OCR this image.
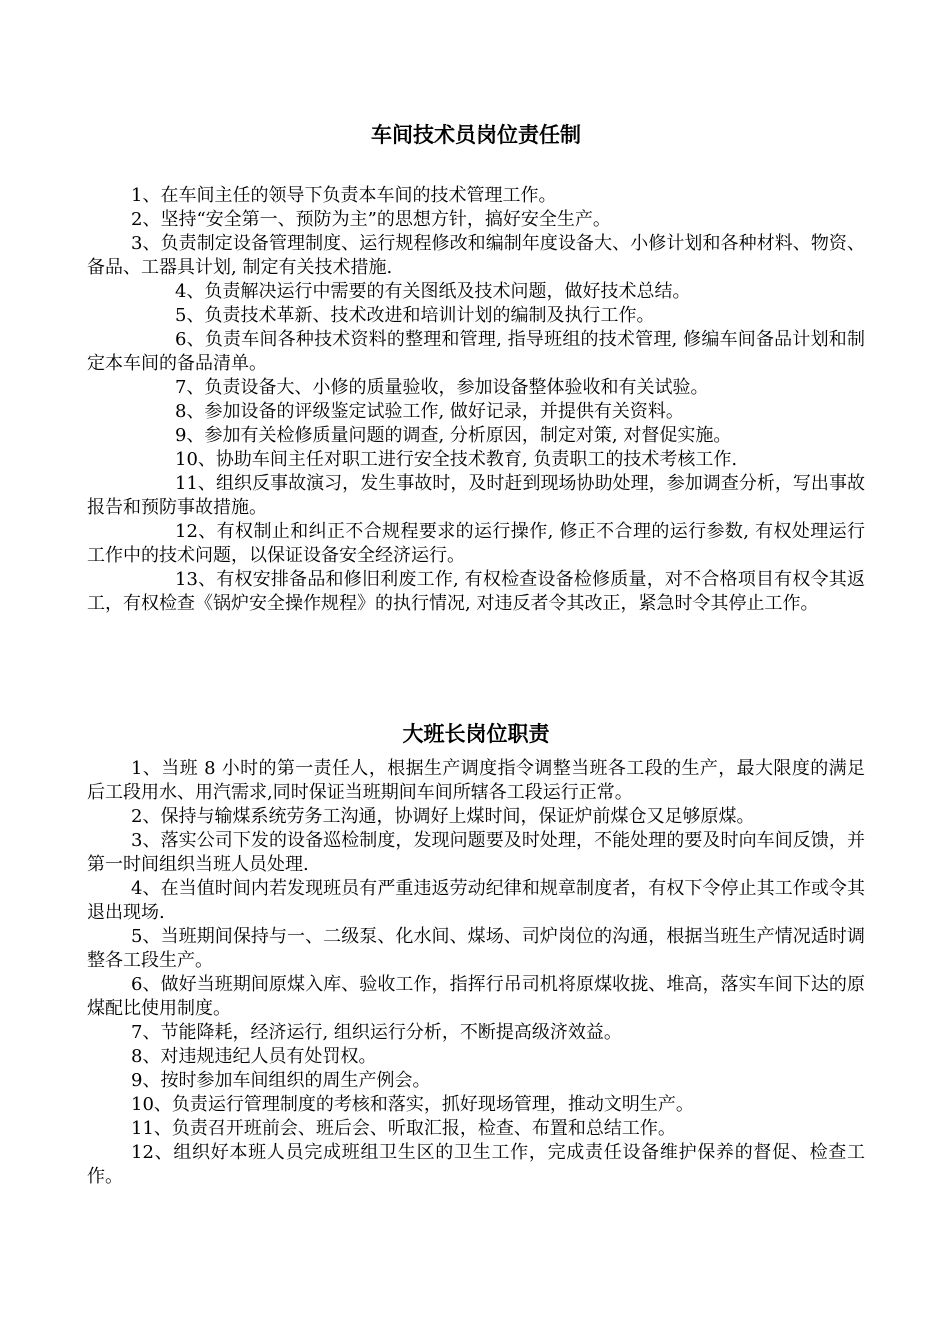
车间技术员岗位责任制

1、在车间主任的领导下负责本车间的技术管理工作。

2、坚持“安全第一、预防为主”的思想方针，搞好安全生产。

3、负责制定设备管理制度、运行规程修改和编制年度设备大、小修计划和各种材料、物资、备品、工器具计划, 制定有关技术措施.

4、负责解决运行中需要的有关图纸及技术问题，做好技术总结。

5、负责技术革新、技术改进和培训计划的编制及执行工作。

6、负责车间各种技术资料的整理和管理, 指导班组的技术管理, 修编车间备品计划和制定本车间的备品清单。

7、负责设备大、小修的质量验收，参加设备整体验收和有关试验。

8、参加设备的评级鉴定试验工作, 做好记录，并提供有关资料。

9、参加有关检修质量问题的调查, 分析原因，制定对策, 对督促实施。

10、协助车间主任对职工进行安全技术教育, 负责职工的技术考核工作.

11、组织反事故演习，发生事故时，及时赶到现场协助处理，参加调查分析，写出事故报告和预防事故措施。

12、有权制止和纠正不合规程要求的运行操作, 修正不合理的运行参数, 有权处理运行工作中的技术问题，以保证设备安全经济运行。

13、有权安排备品和修旧利废工作, 有权检查设备检修质量，对不合格项目有权令其返工，有权检查《锅炉安全操作规程》的执行情况, 对违反者令其改正，紧急时令其停止工作。

大班长岗位职责

1、当班 8 小时的第一责任人，根据生产调度指令调整当班各工段的生产，最大限度的满足后工段用水、用汽需求,同时保证当班期间车间所辖各工段运行正常。

2、保持与输煤系统劳务工沟通，协调好上煤时间，保证炉前煤仓又足够原煤。

3、落实公司下发的设备巡检制度，发现问题要及时处理，不能处理的要及时向车间反馈，并第一时间组织当班人员处理.

4、在当值时间内若发现班员有严重违返劳动纪律和规章制度者，有权下令停止其工作或令其退出现场.

5、当班期间保持与一、二级泵、化水间、煤场、司炉岗位的沟通，根据当班生产情况适时调整各工段生产。

6、做好当班期间原煤入库、验收工作，指挥行吊司机将原煤收拢、堆高，落实车间下达的原煤配比使用制度。

7、节能降耗，经济运行, 组织运行分析，不断提高级济效益。

8、对违规违纪人员有处罚权。

9、按时参加车间组织的周生产例会。

10、负责运行管理制度的考核和落实，抓好现场管理，推动文明生产。

11、负责召开班前会、班后会、听取汇报，检查、布置和总结工作。

12、组织好本班人员完成班组卫生区的卫生工作，完成责任设备维护保养的督促、检查工作。
